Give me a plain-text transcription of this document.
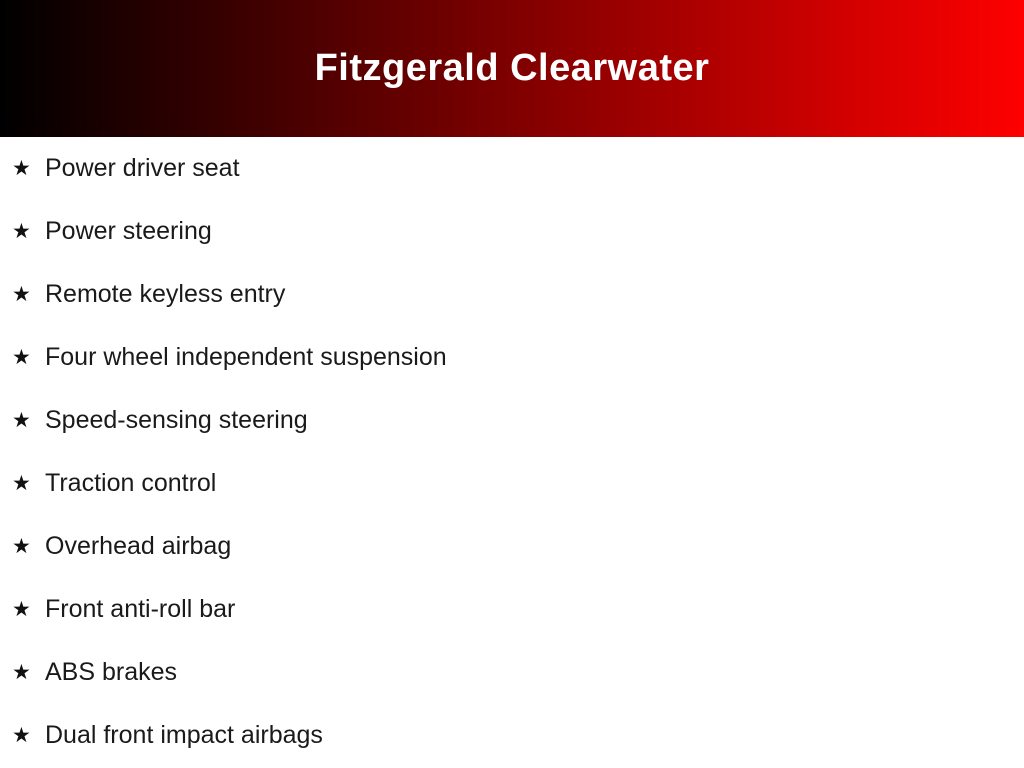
Fitzgerald Clearwater
★ Power driver seat
★ Power steering
★ Remote keyless entry
★ Four wheel independent suspension
★ Speed-sensing steering
★ Traction control
★ Overhead airbag
★ Front anti-roll bar
★ ABS brakes
★ Dual front impact airbags
